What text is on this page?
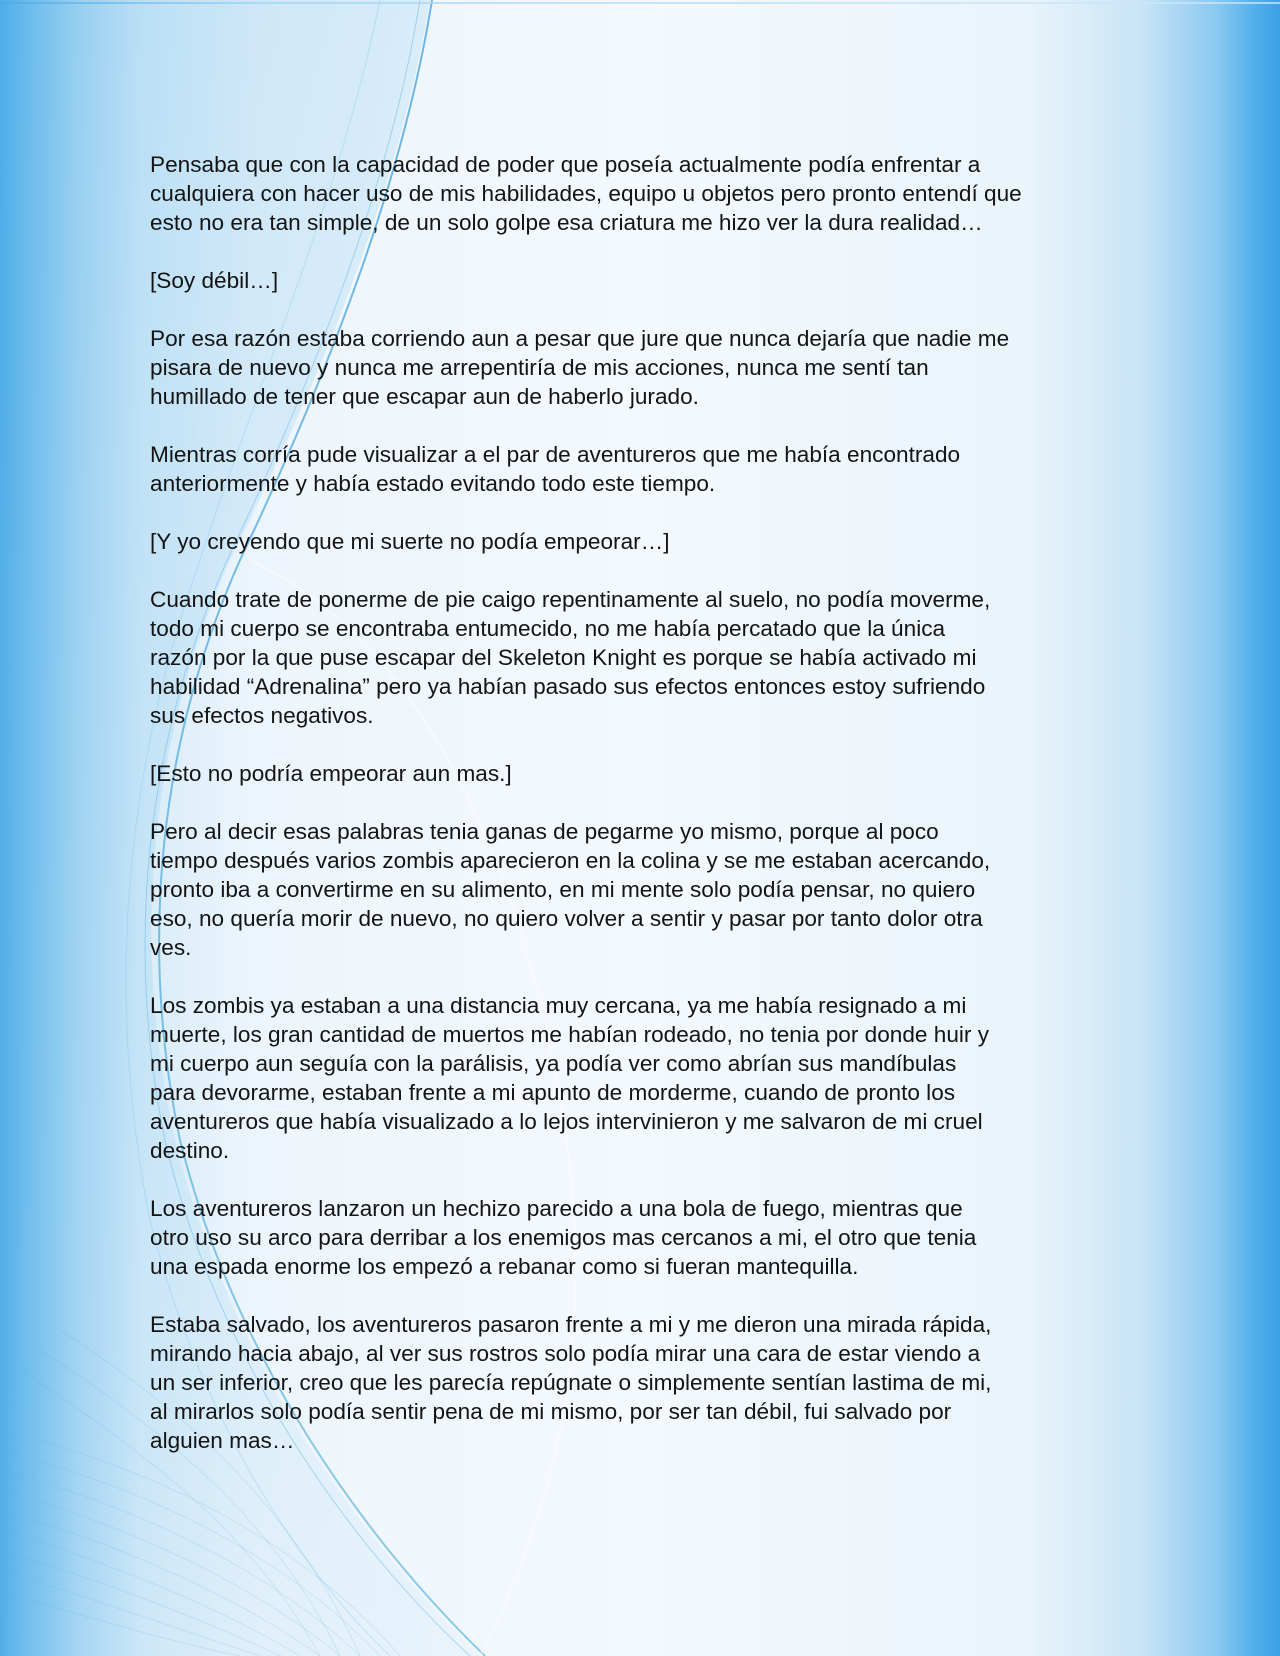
Pensaba que con la capacidad de poder que poseía actualmente podía enfrentar a
cualquiera con hacer uso de mis habilidades, equipo u objetos pero pronto entendí que
esto no era tan simple, de un solo golpe esa criatura me hizo ver la dura realidad…

[Soy débil…]

Por esa razón estaba corriendo aun a pesar que jure que nunca dejaría que nadie me
pisara de nuevo y nunca me arrepentiría de mis acciones, nunca me sentí tan
humillado de tener que escapar aun de haberlo jurado.

Mientras corría pude visualizar a el par de aventureros que me había encontrado
anteriormente y había estado evitando todo este tiempo.

[Y yo creyendo que mi suerte no podía empeorar…]

Cuando trate de ponerme de pie caigo repentinamente al suelo, no podía moverme,
todo mi cuerpo se encontraba entumecido, no me había percatado que la única
razón por la que puse escapar del Skeleton Knight es porque se había activado mi
habilidad “Adrenalina” pero ya habían pasado sus efectos entonces estoy sufriendo
sus efectos negativos.

[Esto no podría empeorar aun mas.]

Pero al decir esas palabras tenia ganas de pegarme yo mismo, porque al poco
tiempo después varios zombis aparecieron en la colina y se me estaban acercando,
pronto iba a convertirme en su alimento, en mi mente solo podía pensar, no quiero
eso, no quería morir de nuevo, no quiero volver a sentir y pasar por tanto dolor otra
ves.

Los zombis ya estaban a una distancia muy cercana, ya me había resignado a mi
muerte, los gran cantidad de muertos me habían rodeado, no tenia por donde huir y
mi cuerpo aun seguía con la parálisis, ya podía ver como abrían sus mandíbulas
para devorarme, estaban frente a mi apunto de morderme, cuando de pronto los
aventureros que había visualizado a lo lejos intervinieron y me salvaron de mi cruel
destino.

Los aventureros lanzaron un hechizo parecido a una bola de fuego, mientras que
otro uso su arco para derribar a los enemigos mas cercanos a mi, el otro que tenia
una espada enorme los empezó a rebanar como si fueran mantequilla.

Estaba salvado, los aventureros pasaron frente a mi y me dieron una mirada rápida,
mirando hacia abajo, al ver sus rostros solo podía mirar una cara de estar viendo a
un ser inferior, creo que les parecía repúgnate o simplemente sentían lastima de mi,
al mirarlos solo podía sentir pena de mi mismo, por ser tan débil, fui salvado por
alguien mas…
